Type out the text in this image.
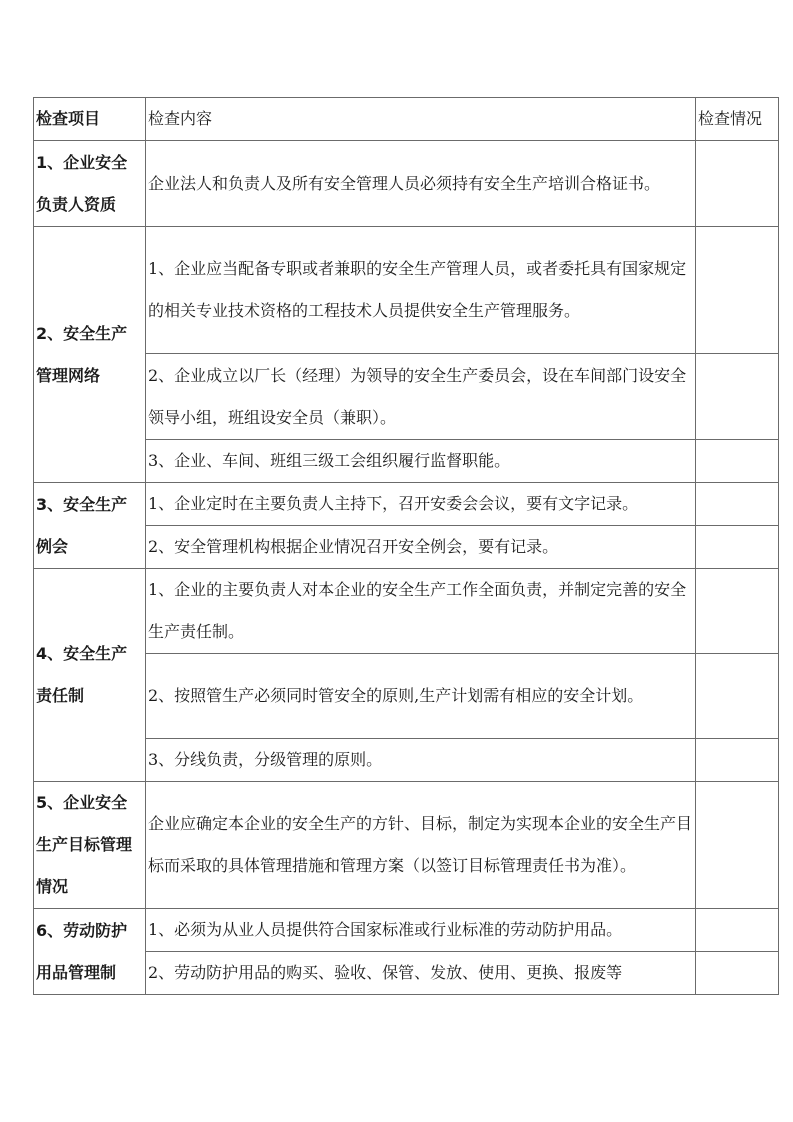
检查项目	检查内容	检查情况
1、企业安全负责人资质	企业法人和负责人及所有安全管理人员必须持有安全生产培训合格证书。	
2、安全生产管理网络	1、企业应当配备专职或者兼职的安全生产管理人员，或者委托具有国家规定的相关专业技术资格的工程技术人员提供安全生产管理服务。	
	2、企业成立以厂长（经理）为领导的安全生产委员会，设在车间部门设安全领导小组，班组设安全员（兼职）。	
	3、企业、车间、班组三级工会组织履行监督职能。	
3、安全生产例会	1、企业定时在主要负责人主持下，召开安委会会议，要有文字记录。	
	2、安全管理机构根据企业情况召开安全例会，要有记录。	
4、安全生产责任制	1、企业的主要负责人对本企业的安全生产工作全面负责，并制定完善的安全生产责任制。	
	2、按照管生产必须同时管安全的原则,生产计划需有相应的安全计划。	
	3、分线负责，分级管理的原则。	
5、企业安全生产目标管理情况	企业应确定本企业的安全生产的方针、目标，制定为实现本企业的安全生产目标而采取的具体管理措施和管理方案（以签订目标管理责任书为准）。	
6、劳动防护用品管理制	1、必须为从业人员提供符合国家标准或行业标准的劳动防护用品。	
	2、劳动防护用品的购买、验收、保管、发放、使用、更换、报废等	
